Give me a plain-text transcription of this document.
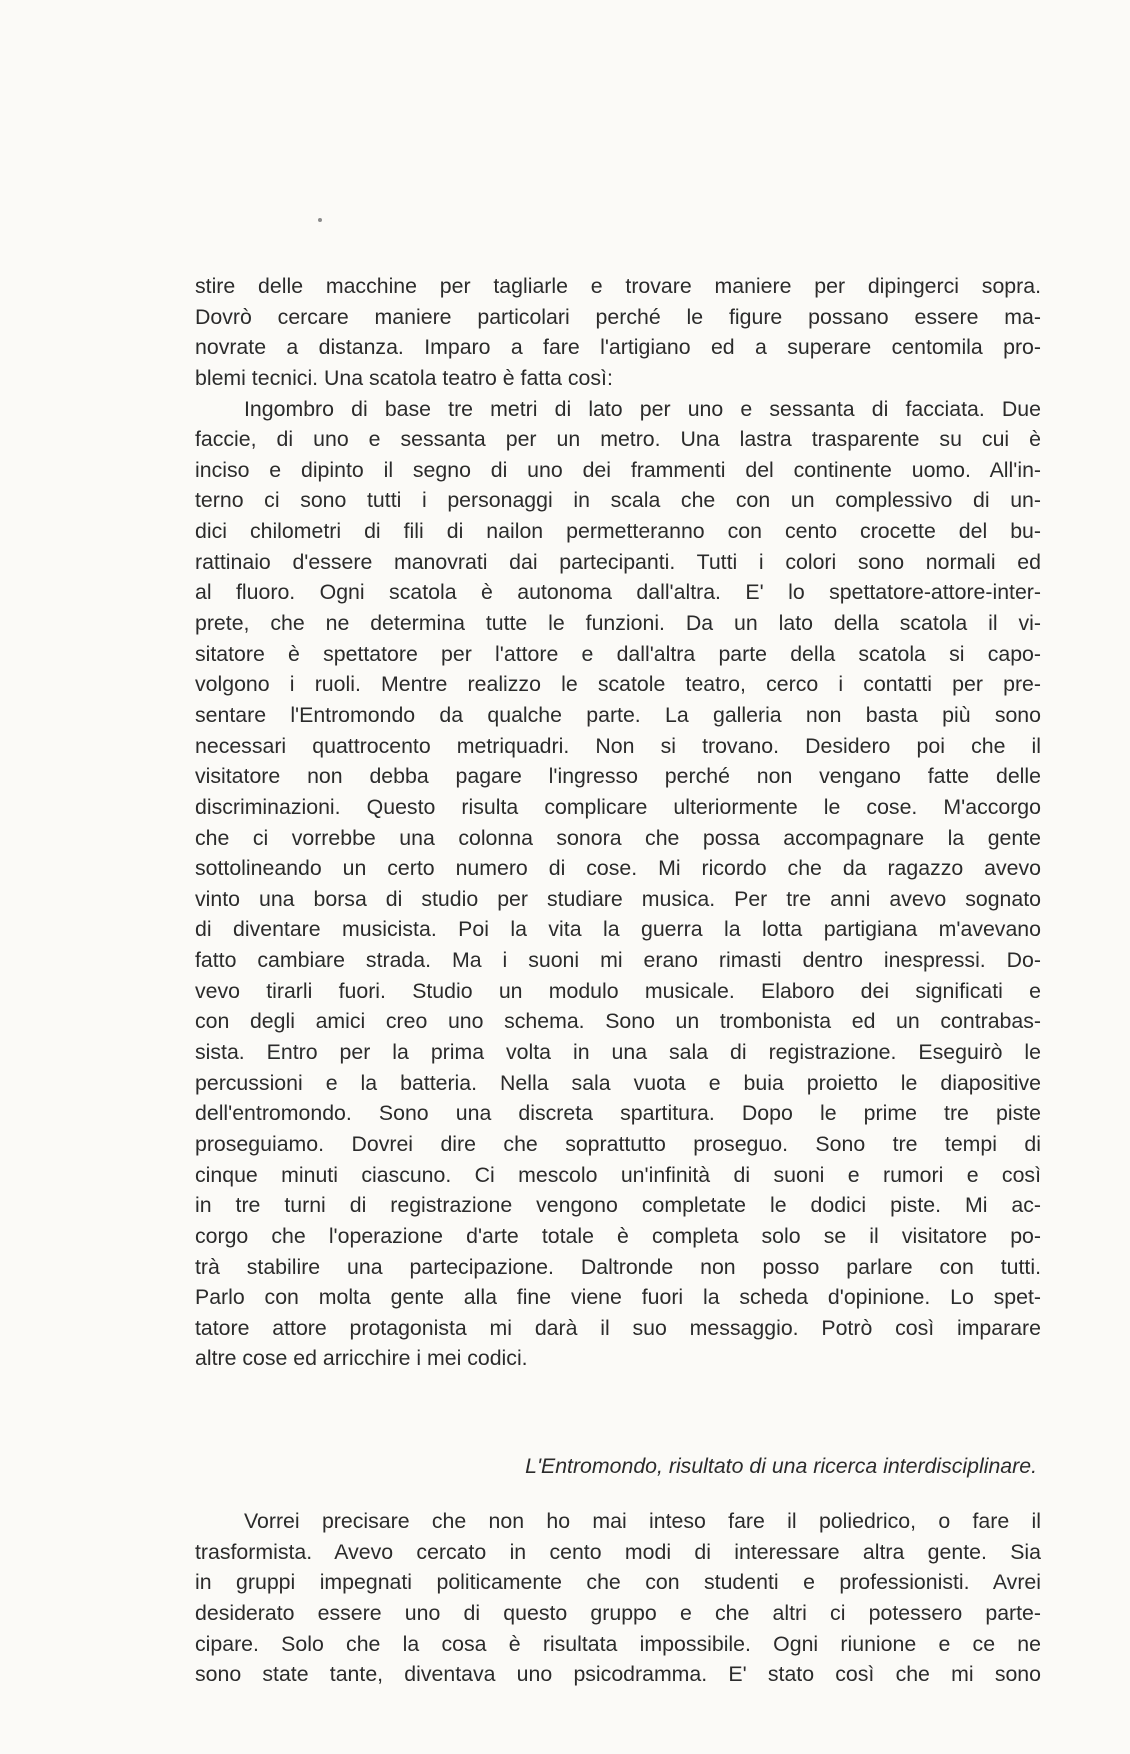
stire delle macchine per tagliarle e trovare maniere per dipingerci sopra.
Dovrò cercare maniere particolari perché le figure possano essere ma-
novrate a distanza. Imparo a fare l'artigiano ed a superare centomila pro-
blemi tecnici. Una scatola teatro è fatta così:
Ingombro di base tre metri di lato per uno e sessanta di facciata. Due
faccie, di uno e sessanta per un metro. Una lastra trasparente su cui è
inciso e dipinto il segno di uno dei frammenti del continente uomo. All'in-
terno ci sono tutti i personaggi in scala che con un complessivo di un-
dici chilometri di fili di nailon permetteranno con cento crocette del bu-
rattinaio d'essere manovrati dai partecipanti. Tutti i colori sono normali ed
al fluoro. Ogni scatola è autonoma dall'altra. E' lo spettatore-attore-inter-
prete, che ne determina tutte le funzioni. Da un lato della scatola il vi-
sitatore è spettatore per l'attore e dall'altra parte della scatola si capo-
volgono i ruoli. Mentre realizzo le scatole teatro, cerco i contatti per pre-
sentare l'Entromondo da qualche parte. La galleria non basta più sono
necessari quattrocento metriquadri. Non si trovano. Desidero poi che il
visitatore non debba pagare l'ingresso perché non vengano fatte delle
discriminazioni. Questo risulta complicare ulteriormente le cose. M'accorgo
che ci vorrebbe una colonna sonora che possa accompagnare la gente
sottolineando un certo numero di cose. Mi ricordo che da ragazzo avevo
vinto una borsa di studio per studiare musica. Per tre anni avevo sognato
di diventare musicista. Poi la vita la guerra la lotta partigiana m'avevano
fatto cambiare strada. Ma i suoni mi erano rimasti dentro inespressi. Do-
vevo tirarli fuori. Studio un modulo musicale. Elaboro dei significati e
con degli amici creo uno schema. Sono un trombonista ed un contrabas-
sista. Entro per la prima volta in una sala di registrazione. Eseguirò le
percussioni e la batteria. Nella sala vuota e buia proietto le diapositive
dell'entromondo. Sono una discreta spartitura. Dopo le prime tre piste
proseguiamo. Dovrei dire che soprattutto proseguo. Sono tre tempi di
cinque minuti ciascuno. Ci mescolo un'infinità di suoni e rumori e così
in tre turni di registrazione vengono completate le dodici piste. Mi ac-
corgo che l'operazione d'arte totale è completa solo se il visitatore po-
trà stabilire una partecipazione. Daltronde non posso parlare con tutti.
Parlo con molta gente alla fine viene fuori la scheda d'opinione. Lo spet-
tatore attore protagonista mi darà il suo messaggio. Potrò così imparare
altre cose ed arricchire i mei codici.
L'Entromondo, risultato di una ricerca interdisciplinare.
Vorrei precisare che non ho mai inteso fare il poliedrico, o fare il
trasformista. Avevo cercato in cento modi di interessare altra gente. Sia
in gruppi impegnati politicamente che con studenti e professionisti. Avrei
desiderato essere uno di questo gruppo e che altri ci potessero parte-
cipare. Solo che la cosa è risultata impossibile. Ogni riunione e ce ne
sono state tante, diventava uno psicodramma. E' stato così che mi sono
